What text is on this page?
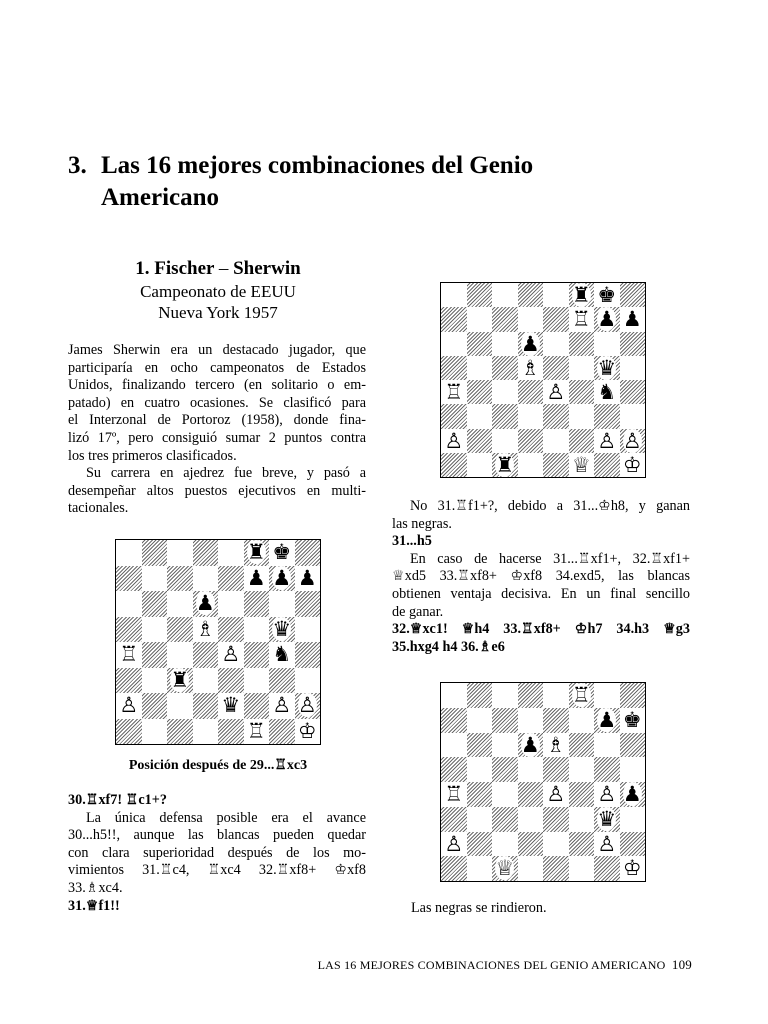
3. Las 16 mejores combinaciones del Genio
Americano
1. Fischer – Sherwin
Campeonato de EEUU
Nueva York 1957
James Sherwin era un destacado jugador, que
participaría en ocho campeonatos de Estados
Unidos, finalizando tercero (en solitario o em-
patado) en cuatro ocasiones. Se clasificó para
el Interzonal de Portoroz (1958), donde fina-
lizó 17º, pero consiguió sumar 2 puntos contra
los tres primeros clasificados.
Su carrera en ajedrez fue breve, y pasó a
desempeñar altos puestos ejecutivos en multi-
tacionales.
♜ ♚
♟ ♟ ♟
♟
♗	♛
♖	♙ ♞
♜
♙	♛ ♙ ♙
♖ ♔
Posición después de 29...♖xc3
30.♖xf7! ♖c1+?
La única defensa posible era el avance
30...h5!!, aunque las blancas pueden quedar
con clara superioridad después de los mo-
vimientos 31.♖c4, ♖xc4 32.♖xf8+ ♔xf8
33.♗xc4.
31.♕f1!!
♜ ♚
♖ ♟ ♟
♟
♗	♛
♖	♙ ♞
♙	♙ ♙
♜	♕ ♔
No 31.♖f1+?, debido a 31...♔h8, y ganan
las negras.
31...h5
En caso de hacerse 31...♖xf1+, 32.♖xf1+
♕xd5 33.♖xf8+ ♔xf8 34.exd5, las blancas
obtienen ventaja decisiva. En un final sencillo
de ganar.
32.♕xc1! ♕h4 33.♖xf8+ ♔h7 34.h3 ♕g3
35.hxg4 h4 36.♗e6
♖
♟ ♚
♟ ♗
♖	♙ ♙ ♟
♛
♙	♙
♕	♔
Las negras se rindieron.
LAS 16 MEJORES COMBINACIONES DEL GENIO AMERICANO 109
